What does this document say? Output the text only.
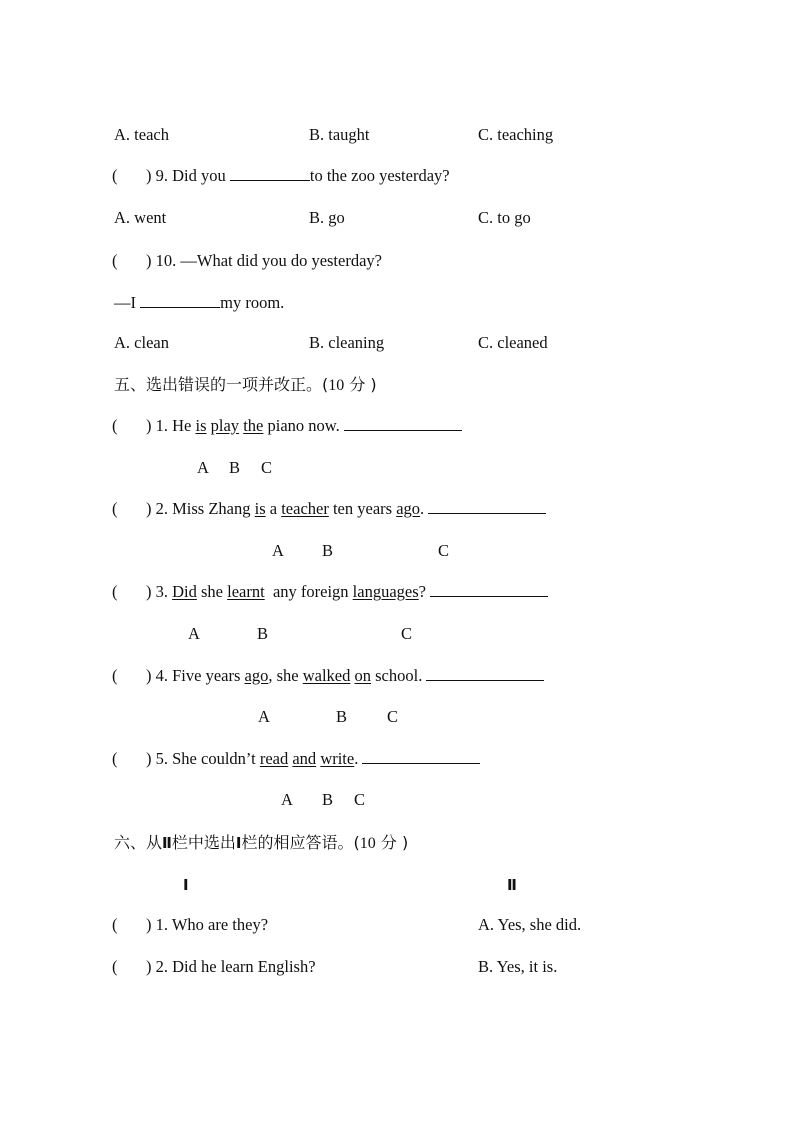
A. teach	B. taught	C. teaching
( ) 9. Did you	to the zoo yesterday?
A. went	B. go	C. to go
( ) 10. —What did you do yesterday?
—I	my room.
A. clean	B. cleaning	C. cleaned
五、选出错误的一项并改正。(10 分 )
( ) 1. He is play the piano now.
A B C
( ) 2. Miss Zhang is a teacher ten years ago.
A B	C
( ) 3. Did she learnt  any foreign languages?
A	B	C
( ) 4. Five years ago, she walked on school.
A	B C
( ) 5. She couldn’t read and write.
A B C
六、从Ⅱ栏中选出Ⅰ栏的相应答语。(10 分 )
Ⅰ	Ⅱ
( ) 1. Who are they?	A. Yes, she did.
( ) 2. Did he learn English?	B. Yes, it is.
